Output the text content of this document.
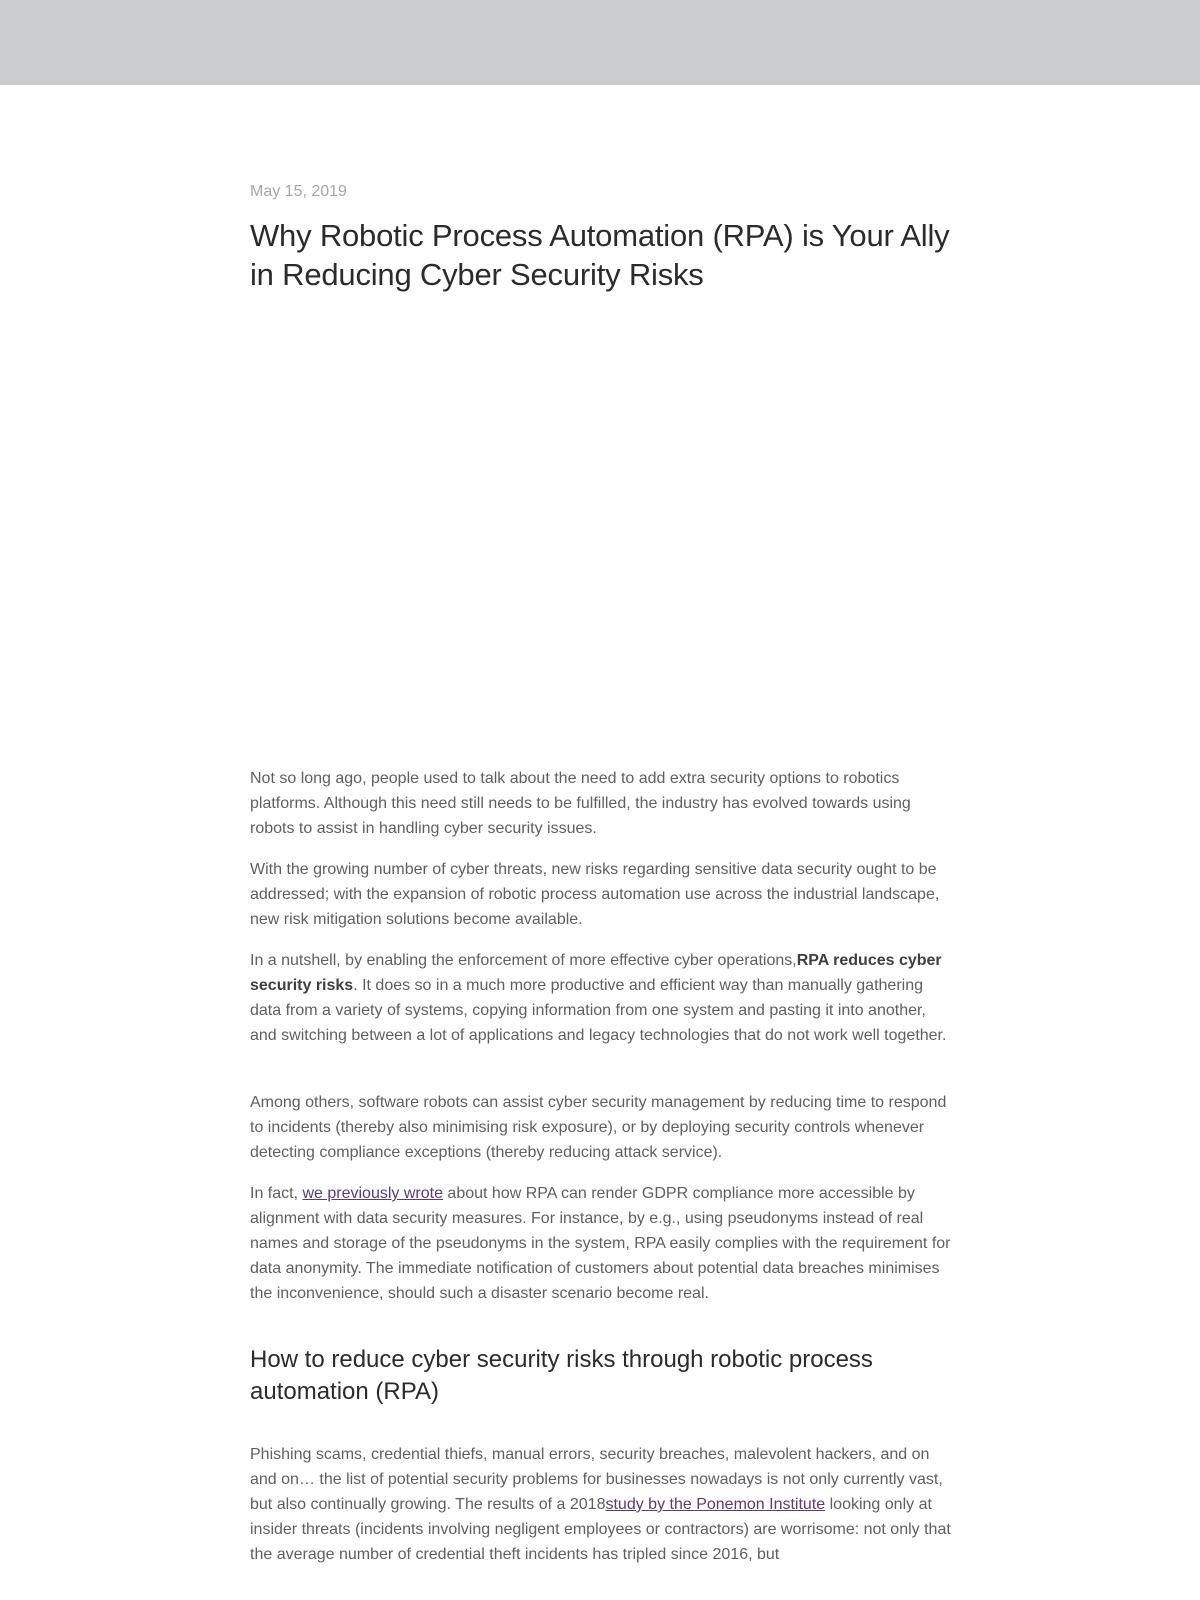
May 15, 2019

Why Robotic Process Automation (RPA) is Your Ally in Reducing Cyber Security Risks

Not so long ago, people used to talk about the need to add extra security options to robotics platforms. Although this need still needs to be fulfilled, the industry has evolved towards using robots to assist in handling cyber security issues.

With the growing number of cyber threats, new risks regarding sensitive data security ought to be addressed; with the expansion of robotic process automation use across the industrial landscape, new risk mitigation solutions become available.

In a nutshell, by enabling the enforcement of more effective cyber operations,RPA reduces cyber security risks. It does so in a much more productive and efficient way than manually gathering data from a variety of systems, copying information from one system and pasting it into another, and switching between a lot of applications and legacy technologies that do not work well together.

Among others, software robots can assist cyber security management by reducing time to respond to incidents (thereby also minimising risk exposure), or by deploying security controls whenever detecting compliance exceptions (thereby reducing attack service).

In fact, we previously wrote about how RPA can render GDPR compliance more accessible by alignment with data security measures. For instance, by e.g., using pseudonyms instead of real names and storage of the pseudonyms in the system, RPA easily complies with the requirement for data anonymity. The immediate notification of customers about potential data breaches minimises the inconvenience, should such a disaster scenario become real.

How to reduce cyber security risks through robotic process automation (RPA)

Phishing scams, credential thiefs, manual errors, security breaches, malevolent hackers, and on and on… the list of potential security problems for businesses nowadays is not only currently vast, but also continually growing. The results of a 2018study by the Ponemon Institute looking only at insider threats (incidents involving negligent employees or contractors) are worrisome: not only that the average number of credential theft incidents has tripled since 2016, but
